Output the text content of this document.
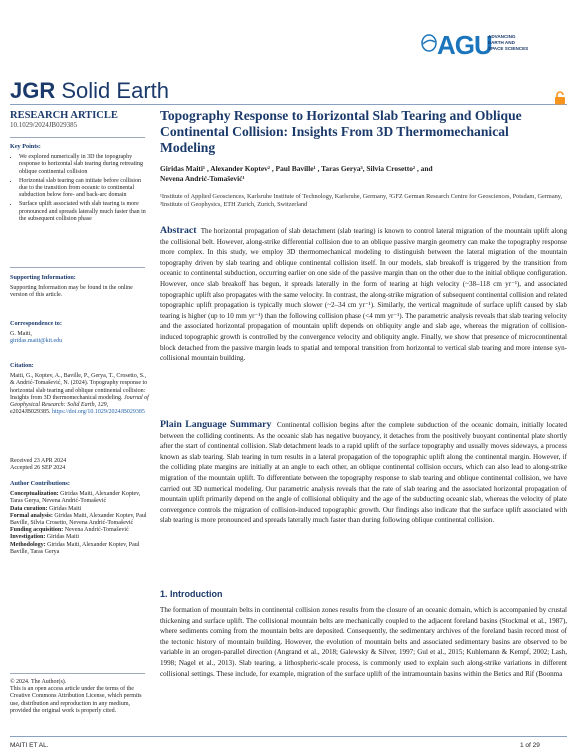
AGU
ADVANCING
EARTH AND
SPACE SCIENCES
JGR Solid Earth
RESEARCH ARTICLE
10.1029/2024JB029385
Key Points:
• We explored numerically in 3D the topography response to horizontal slab tearing during retreating oblique continental collision
• Horizontal slab tearing can initiate before collision due to the transition from oceanic to continental subduction below fore- and back-arc domain
• Surface uplift associated with slab tearing is more pronounced and spreads laterally much faster than in the subsequent collision phase
Supporting Information:
Supporting Information may be found in the online version of this article.
Correspondence to:
G. Maiti,
giridas.maiti@kit.edu
Citation:
Maiti, G., Koptev, A., Baville, P., Gerya, T., Crosetto, S., & Andrić-Tomašević, N. (2024). Topography response to horizontal slab tearing and oblique continental collision: Insights from 3D thermomechanical modeling. Journal of Geophysical Research: Solid Earth, 129, e2024JB029385. https://doi.org/10.1029/2024JB029385
Received 23 APR 2024
Accepted 26 SEP 2024
Author Contributions:
Conceptualization: Giridas Maiti, Alexander Koptev, Taras Gerya, Nevena Andrić-Tomašević
Data curation: Giridas Maiti
Formal analysis: Giridas Maiti, Alexander Koptev, Paul Baville, Silvia Crosetto, Nevena Andrić-Tomašević
Funding acquisition: Nevena Andrić-Tomašević
Investigation: Giridas Maiti
Methodology: Giridas Maiti, Alexander Koptev, Paul Baville, Taras Gerya
© 2024. The Author(s).
This is an open access article under the terms of the Creative Commons Attribution License, which permits use, distribution and reproduction in any medium, provided the original work is properly cited.
Topography Response to Horizontal Slab Tearing and Oblique Continental Collision: Insights From 3D Thermomechanical Modeling
Giridas Maiti¹ , Alexander Koptev² , Paul Baville¹ , Taras Gerya³, Silvia Crosetto² , and
Nevena Andrić-Tomašević¹
¹Institute of Applied Geosciences, Karlsruhe Institute of Technology, Karlsruhe, Germany, ²GFZ German Research Centre for Geosciences, Potsdam, Germany, ³Institute of Geophysics, ETH Zurich, Zurich, Switzerland
Abstract The horizontal propagation of slab detachment (slab tearing) is known to control lateral migration of the mountain uplift along the collisional belt. However, along-strike differential collision due to an oblique passive margin geometry can make the topography response more complex. In this study, we employ 3D thermomechanical modeling to distinguish between the lateral migration of the mountain topography driven by slab tearing and oblique continental collision itself. In our models, slab breakoff is triggered by the transition from oceanic to continental subduction, occurring earlier on one side of the passive margin than on the other due to the initial oblique configuration. However, once slab breakoff has begun, it spreads laterally in the form of tearing at high velocity (~38–118 cm yr⁻¹), and associated topographic uplift also propagates with the same velocity. In contrast, the along-strike migration of subsequent continental collision and related topographic uplift propagation is typically much slower (~2–34 cm yr⁻¹). Similarly, the vertical magnitude of surface uplift caused by slab tearing is higher (up to 10 mm yr⁻¹) than the following collision phase (<4 mm yr⁻¹). The parametric analysis reveals that slab tearing velocity and the associated horizontal propagation of mountain uplift depends on obliquity angle and slab age, whereas the migration of collision-induced topographic growth is controlled by the convergence velocity and obliquity angle. Finally, we show that presence of microcontinental block detached from the passive margin leads to spatial and temporal transition from horizontal to vertical slab tearing and more intense syn-collisional mountain building.
Plain Language Summary Continental collision begins after the complete subduction of the oceanic domain, initially located between the colliding continents. As the oceanic slab has negative buoyancy, it detaches from the positively buoyant continental plate shortly after the start of continental collision. Slab detachment leads to a rapid uplift of the surface topography and usually moves sideways, a process known as slab tearing. Slab tearing in turn results in a lateral propagation of the topographic uplift along the continental margin. However, if the colliding plate margins are initially at an angle to each other, an oblique continental collision occurs, which can also lead to along-strike migration of the mountain uplift. To differentiate between the topography response to slab tearing and oblique continental collision, we have carried out 3D numerical modeling. Our parametric analysis reveals that the rate of slab tearing and the associated horizontal propagation of mountain uplift primarily depend on the angle of collisional obliquity and the age of the subducting oceanic slab, whereas the velocity of plate convergence controls the migration of collision-induced topographic growth. Our findings also indicate that the surface uplift associated with slab tearing is more pronounced and spreads laterally much faster than during following oblique continental collision.
1. Introduction
The formation of mountain belts in continental collision zones results from the closure of an oceanic domain, which is accompanied by crustal thickening and surface uplift. The collisional mountain belts are mechanically coupled to the adjacent foreland basins (Stockmal et al., 1987), where sediments coming from the mountain belts are deposited. Consequently, the sedimentary archives of the foreland basin record most of the tectonic history of mountain building. However, the evolution of mountain belts and associated sedimentary basins are observed to be variable in an orogen-parallel direction (Angrand et al., 2018; Galewsky & Silver, 1997; Gul et al., 2015; Kuhlemann & Kempf, 2002; Lash, 1998; Nagel et al., 2013). Slab tearing, a lithospheric-scale process, is commonly used to explain such along-strike variations in different collisional settings. These include, for example, migration of the surface uplift of the intramountain basins within the Betics and Rif (Boonma
MAITI ET AL.	1 of 29
